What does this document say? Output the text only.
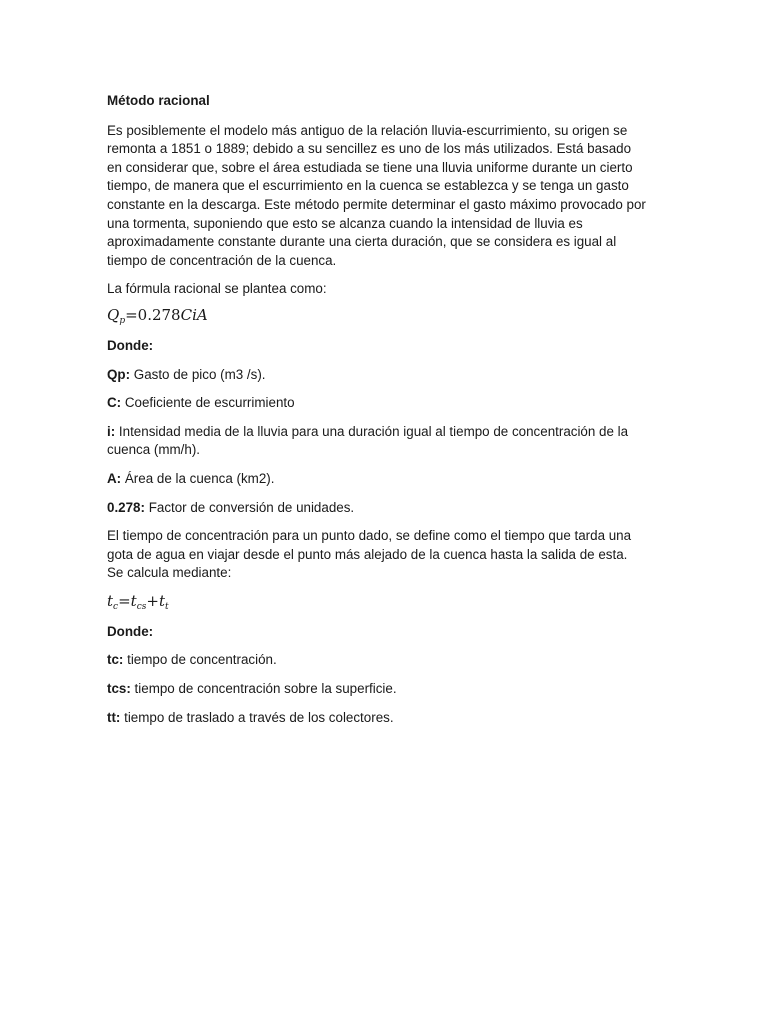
Método racional

Es posiblemente el modelo más antiguo de la relación lluvia-escurrimiento, su origen se remonta a 1851 o 1889; debido a su sencillez es uno de los más utilizados. Está basado en considerar que, sobre el área estudiada se tiene una lluvia uniforme durante un cierto tiempo, de manera que el escurrimiento en la cuenca se establezca y se tenga un gasto constante en la descarga. Este método permite determinar el gasto máximo provocado por una tormenta, suponiendo que esto se alcanza cuando la intensidad de lluvia es aproximadamente constante durante una cierta duración, que se considera es igual al tiempo de concentración de la cuenca.

La fórmula racional se plantea como:

$Q_p=0.278CiA$

Donde:

Qp: Gasto de pico (m3 /s).

C: Coeficiente de escurrimiento

i: Intensidad media de la lluvia para una duración igual al tiempo de concentración de la cuenca (mm/h).

A: Área de la cuenca (km2).

0.278: Factor de conversión de unidades.

El tiempo de concentración para un punto dado, se define como el tiempo que tarda una gota de agua en viajar desde el punto más alejado de la cuenca hasta la salida de esta. Se calcula mediante:

$t_c=t_{cs}+t_t$

Donde:

tc: tiempo de concentración.

tcs: tiempo de concentración sobre la superficie.

tt: tiempo de traslado a través de los colectores.
